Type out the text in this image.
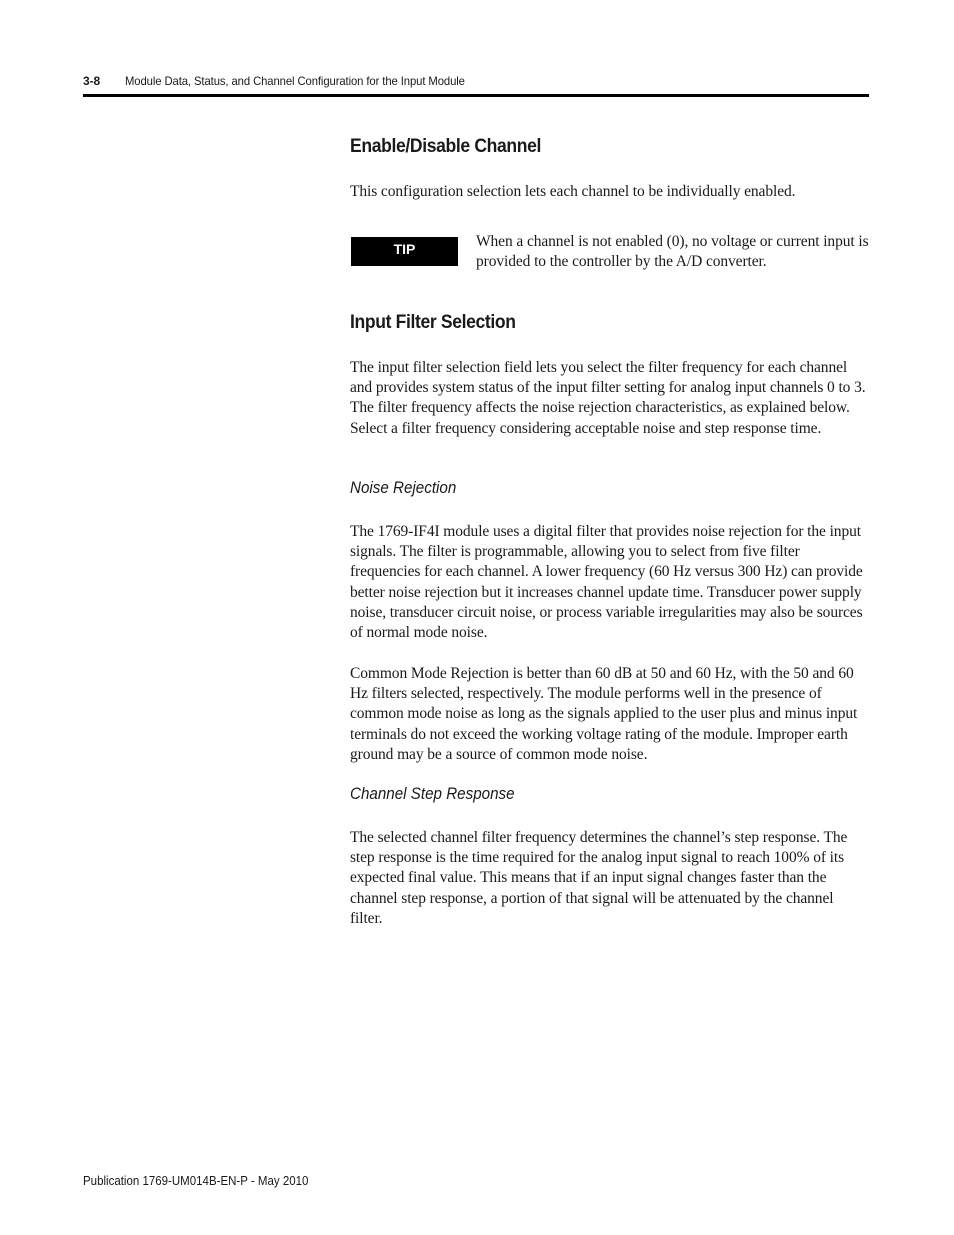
3-8 Module Data, Status, and Channel Configuration for the Input Module
Enable/Disable Channel

This configuration selection lets each channel to be individually enabled.

Input Filter Selection

The input filter selection field lets you select the filter frequency for each channel and provides system status of the input filter setting for analog input channels 0 to 3. The filter frequency affects the noise rejection characteristics, as explained below. Select a filter frequency considering acceptable noise and step response time.

Noise Rejection

The 1769-IF4I module uses a digital filter that provides noise rejection for the input signals. The filter is programmable, allowing you to select from five filter frequencies for each channel. A lower frequency (60 Hz versus 300 Hz) can provide better noise rejection but it increases channel update time. Transducer power supply noise, transducer circuit noise, or process variable irregularities may also be sources of normal mode noise.

Common Mode Rejection is better than 60 dB at 50 and 60 Hz, with the 50 and 60 Hz filters selected, respectively. The module performs well in the presence of common mode noise as long as the signals applied to the user plus and minus input terminals do not exceed the working voltage rating of the module. Improper earth ground may be a source of common mode noise.

Channel Step Response

The selected channel filter frequency determines the channel’s step response. The step response is the time required for the analog input signal to reach 100% of its expected final value. This means that if an input signal changes faster than the channel step response, a portion of that signal will be attenuated by the channel filter.

TIP	When a channel is not enabled (0), no voltage or current input is provided to the controller by the A/D converter.

Publication 1769-UM014B-EN-P - May 2010
